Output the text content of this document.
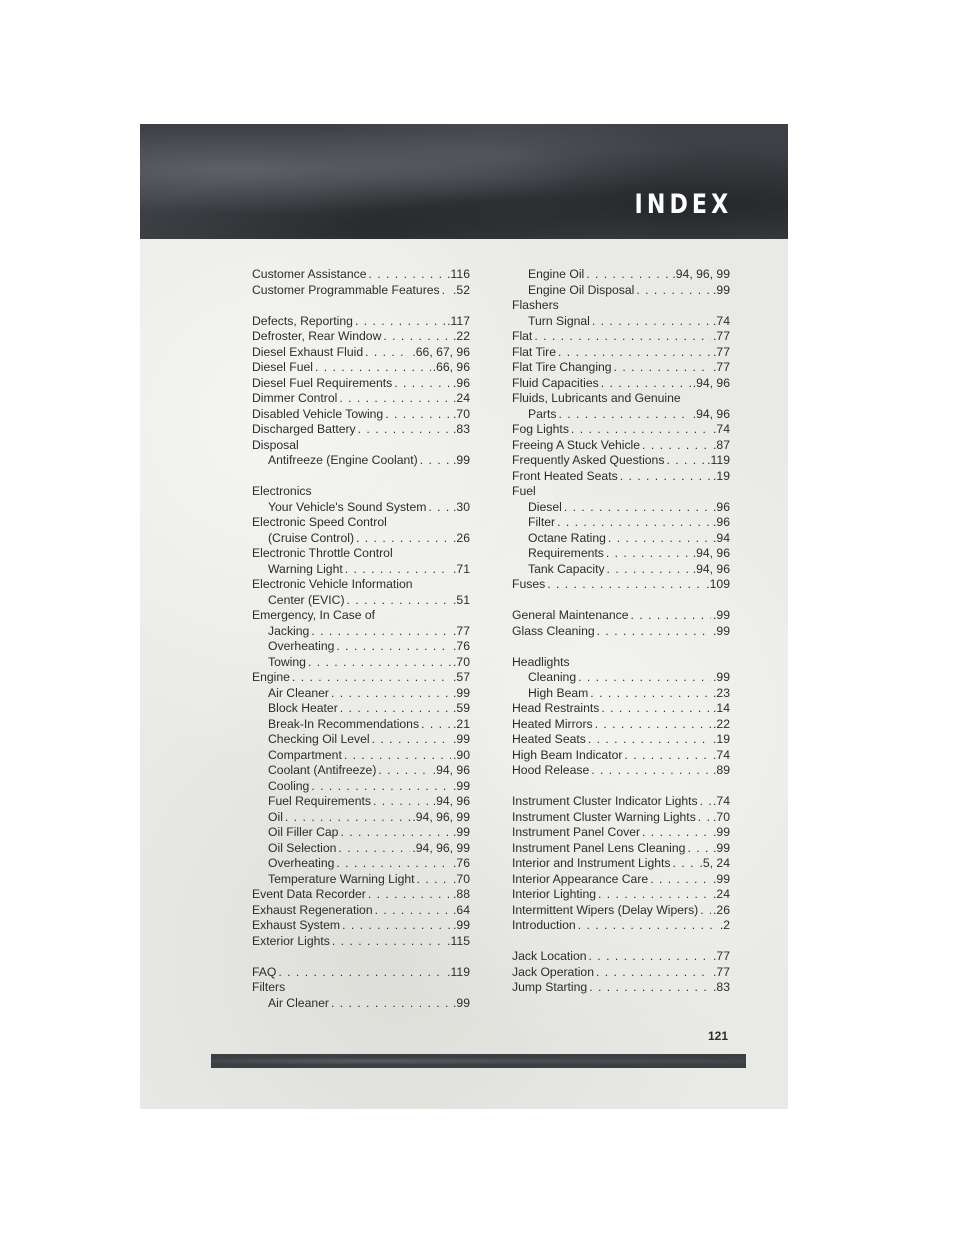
INDEX
Customer Assistance . . .	.116
Customer Programmable Features . . . .52
Defects, Reporting . . .	.117
Defroster, Rear Window . . .	.22
Diesel Exhaust Fluid . . .	.66, 67, 96
Diesel Fuel . . .	.66, 96
Diesel Fuel Requirements . . .	.96
Dimmer Control . . .	.24
Disabled Vehicle Towing . . .	.70
Discharged Battery . . .	.83
Disposal
Antifreeze (Engine Coolant) . . .	.99
Electronics
Your Vehicle's Sound System . . . .30
Electronic Speed Control
(Cruise Control) . . .	.26
Electronic Throttle Control
Warning Light . . .	.71
Electronic Vehicle Information
Center (EVIC) . . .	.51
Emergency, In Case of
Jacking . . .	.77
Overheating . . .	.76
Towing . . .	.70
Engine . . .	.57
Air Cleaner . . .	.99
Block Heater . . .	.59
Break-In Recommendations . . .	.21
Checking Oil Level . . .	.99
Compartment . . .	.90
Coolant (Antifreeze) . . .	.94, 96
Cooling . . .	.99
Fuel Requirements . . .	.94, 96
Oil . . .	.94, 96, 99
Oil Filler Cap . . .	.99
Oil Selection . . .	.94, 96, 99
Overheating . . .	.76
Temperature Warning Light . . .	.70
Event Data Recorder . . .	.88
Exhaust Regeneration . . .	.64
Exhaust System . . .	.99
Exterior Lights . . .	.115
FAQ . . .	.119
Filters
Air Cleaner . . .	.99
Engine Oil . . .	.94, 96, 99
Engine Oil Disposal . . .	.99
Flashers
Turn Signal . . .	.74
Flat . . .	.77
Flat Tire . . .	.77
Flat Tire Changing . . .	.77
Fluid Capacities . . .	.94, 96
Fluids, Lubricants and Genuine
Parts . . .	.94, 96
Fog Lights . . .	.74
Freeing A Stuck Vehicle . . .	.87
Frequently Asked Questions . . .	.119
Front Heated Seats . . .	.19
Fuel
Diesel . . .	.96
Filter . . .	.96
Octane Rating . . .	.94
Requirements . . .	.94, 96
Tank Capacity . . .	.94, 96
Fuses . . .	.109
General Maintenance . . .	.99
Glass Cleaning . . .	.99
Headlights
Cleaning . . .	.99
High Beam . . .	.23
Head Restraints . . .	.14
Heated Mirrors . . .	.22
Heated Seats . . .	.19
High Beam Indicator . . .	.74
Hood Release . . .	.89
Instrument Cluster Indicator Lights . . . .74
Instrument Cluster Warning Lights . . . .70
Instrument Panel Cover . . .	.99
Instrument Panel Lens Cleaning . . . .99
Interior and Instrument Lights . . . .5, 24
Interior Appearance Care . . .	.99
Interior Lighting . . .	.24
Intermittent Wipers (Delay Wipers) . . . .26
Introduction . . .	.2
Jack Location . . .	.77
Jack Operation . . .	.77
Jump Starting . . .	.83
121
